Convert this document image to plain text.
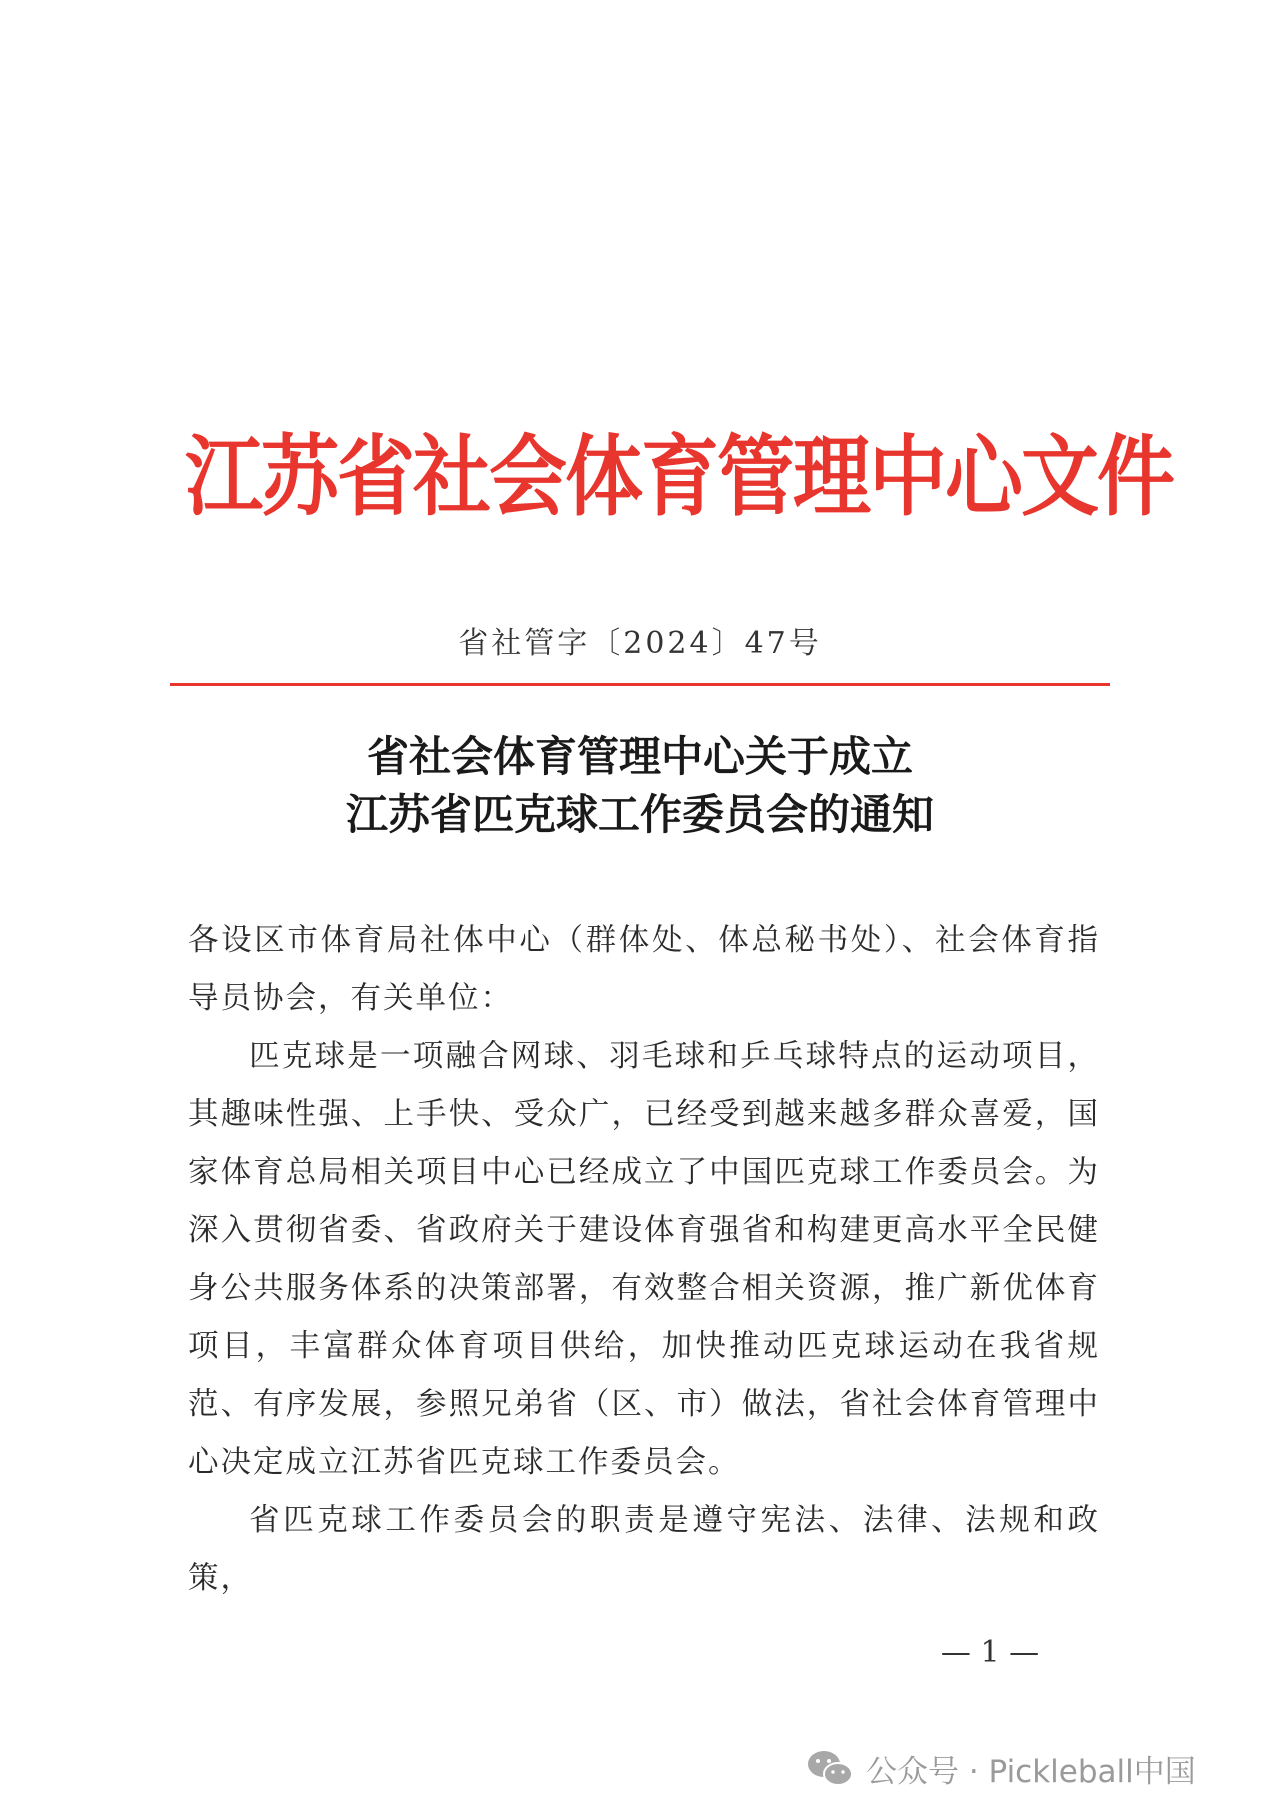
江苏省社会体育管理中心文件
省社管字〔2024〕47号
省社会体育管理中心关于成立
江苏省匹克球工作委员会的通知

各设区市体育局社体中心（群体处、体总秘书处）、社会体育指导员协会，有关单位：

匹克球是一项融合网球、羽毛球和乒乓球特点的运动项目，其趣味性强、上手快、受众广，已经受到越来越多群众喜爱，国家体育总局相关项目中心已经成立了中国匹克球工作委员会。为深入贯彻省委、省政府关于建设体育强省和构建更高水平全民健身公共服务体系的决策部署，有效整合相关资源，推广新优体育项目，丰富群众体育项目供给，加快推动匹克球运动在我省规范、有序发展，参照兄弟省（区、市）做法，省社会体育管理中心决定成立江苏省匹克球工作委员会。

省匹克球工作委员会的职责是遵守宪法、法律、法规和政策，

— 1 —
公众号 · Pickleball中国
